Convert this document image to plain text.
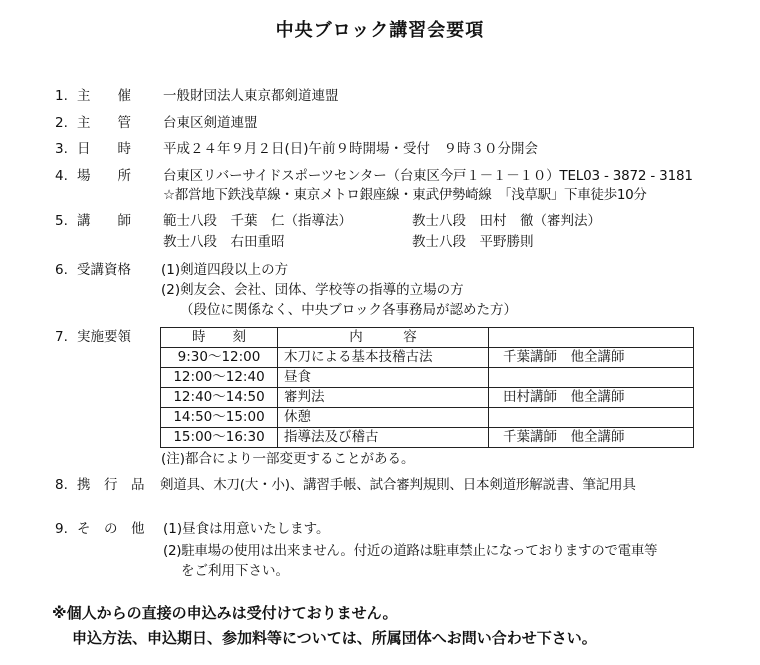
中央ブロック講習会要項
1. 主　　催 一般財団法人東京都剣道連盟
2. 主　　管 台東区剣道連盟
3. 日　　時 平成２４年９月２日(日)午前９時開場・受付　９時３０分開会
4. 場　　所 台東区リバーサイドスポーツセンター（台東区今戸１－１－１０）TEL03 - 3872 - 3181
☆都営地下鉄浅草線・東京メトロ銀座線・東武伊勢崎線　「浅草駅」下車徒歩10分
5. 講　　師 範士八段　千葉　仁（指導法）	教士八段　田村　徹（審判法）
教士八段　右田重昭	教士八段　平野勝則
6. 受講資格 (1)剣道四段以上の方
(2)剣友会、会社、団体、学校等の指導的立場の方
（段位に関係なく、中央ブロック各事務局が認めた方）
7. 実施要領	時　　刻	内　　　容	
9:30～12:00	木刀による基本技稽古法	千葉講師　他全講師
12:00～12:40	昼食	
12:40～14:50	審判法	田村講師　他全講師
14:50～15:00	休憩	
15:00～16:30	指導法及び稽古	千葉講師　他全講師
(注)都合により一部変更することがある。
8. 携　行　品 剣道具、木刀(大・小)、講習手帳、試合審判規則、日本剣道形解説書、筆記用具
9. そ　の　他 (1)昼食は用意いたします。
(2)駐車場の使用は出来ません。付近の道路は駐車禁止になっておりますので電車等
をご利用下さい。
※個人からの直接の申込みは受付けておりません。
申込方法、申込期日、参加料等については、所属団体へお問い合わせ下さい。
